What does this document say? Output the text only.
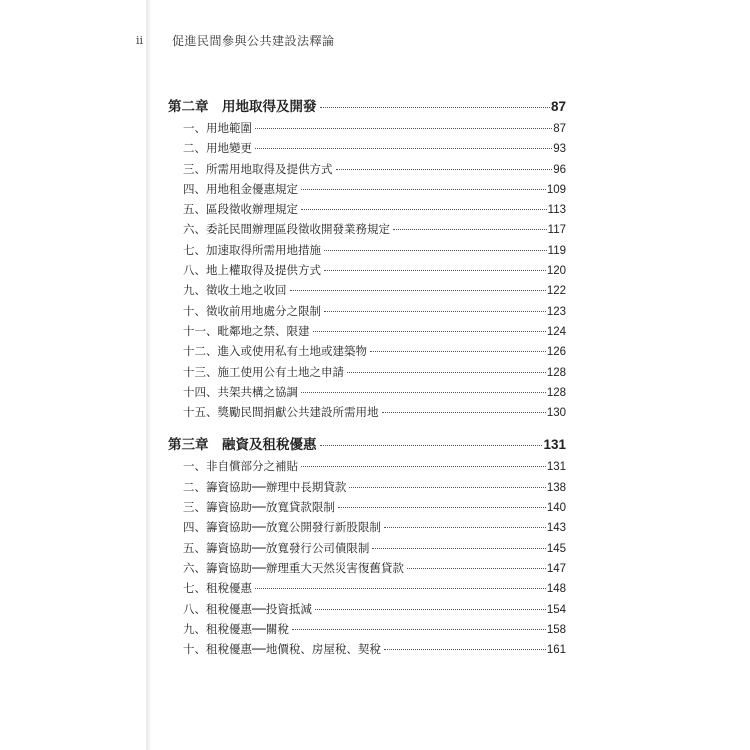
ii	促進民間參與公共建設法釋論
第二章　用地取得及開發	87
一、用地範圍	87
二、用地變更	93
三、所需用地取得及提供方式	96
四、用地租金優惠規定	109
五、區段徵收辦理規定	113
六、委託民間辦理區段徵收開發業務規定	117
七、加速取得所需用地措施	119
八、地上權取得及提供方式	120
九、徵收土地之收回	122
十、徵收前用地處分之限制	123
十一、毗鄰地之禁、限建	124
十二、進入或使用私有土地或建築物	126
十三、施工使用公有土地之申請	128
十四、共架共構之協調	128
十五、獎勵民間捐獻公共建設所需用地	130
第三章　融資及租稅優惠	131
一、非自償部分之補貼	131
二、籌資協助──辦理中長期貸款	138
三、籌資協助──放寬貸款限制	140
四、籌資協助──放寬公開發行新股限制	143
五、籌資協助──放寬發行公司債限制	145
六、籌資協助──辦理重大天然災害復舊貸款	147
七、租稅優惠	148
八、租稅優惠──投資抵減	154
九、租稅優惠──關稅	158
十、租稅優惠──地價稅、房屋稅、契稅	161
